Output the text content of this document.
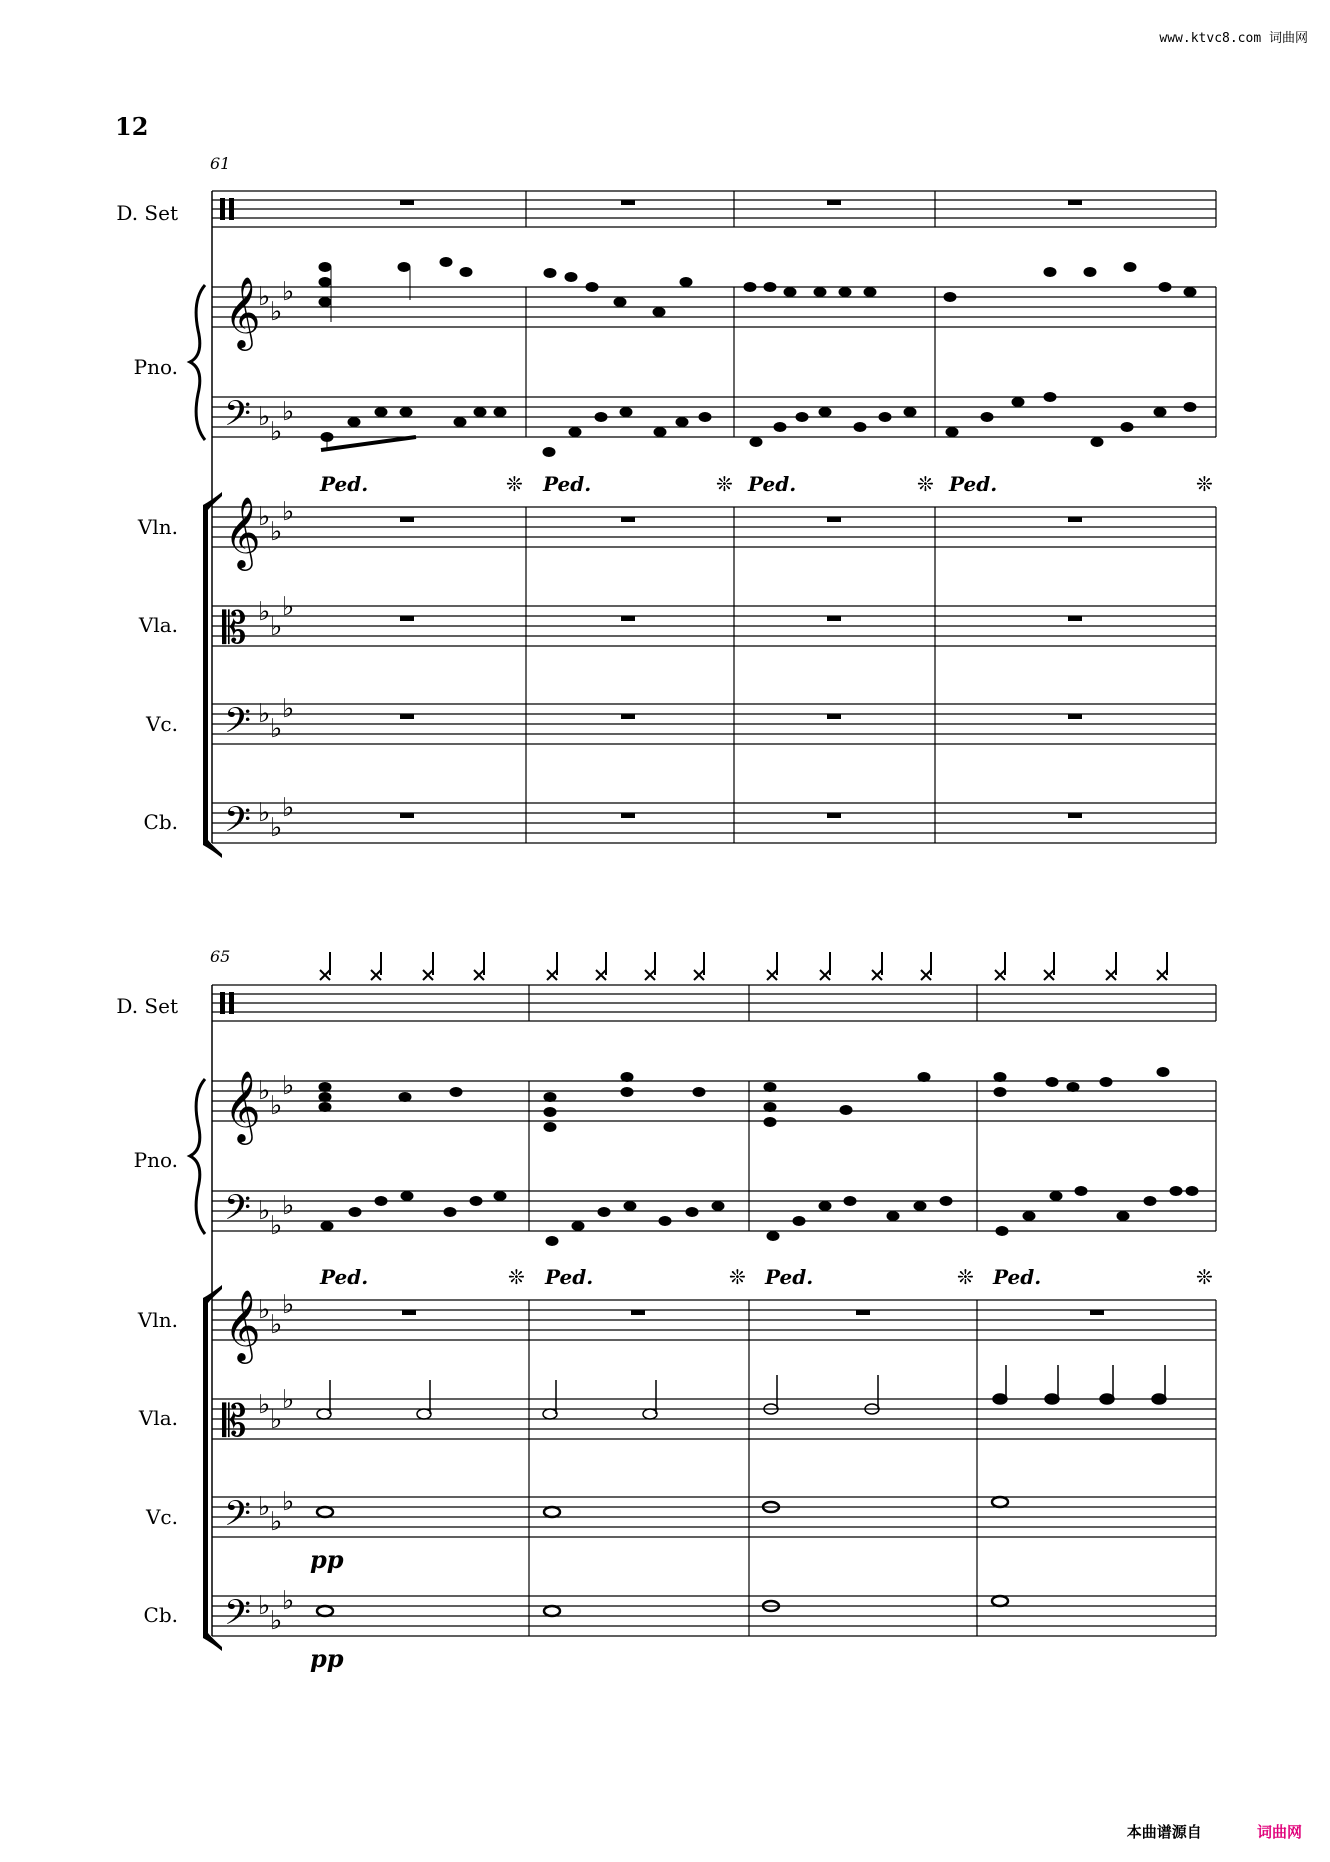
www.ktvc8.com 词曲网
12
61
D. Set
Pno.
Vln.
Vla.
Vc.
Cb.
𝄞
𝄞
𝄞
𝄞
𝄢
𝄢
𝄢
𝄢
𝄢
𝄢
𝄡
𝄡
♭ ♭
♭
♭ ♭
♭
♭ ♭
♭
♭ ♭
♭
♭ ♭
♭
♭ ♭
♭
♭ ♭
♭
♭ ♭
♭
♭ ♭
♭
♭ ♭
♭
♭ ♭
♭
♭ ♭
♭
Ped.	❊ Ped.	❊ Ped.	❊ Ped.	❊
65
D. Set
Pno.
Vln.
Vla.
Vc.
Cb.
Ped.	❊ Ped.	❊ Ped.	❊ Ped.	❊
pp
pp
本曲谱源自	词曲网
